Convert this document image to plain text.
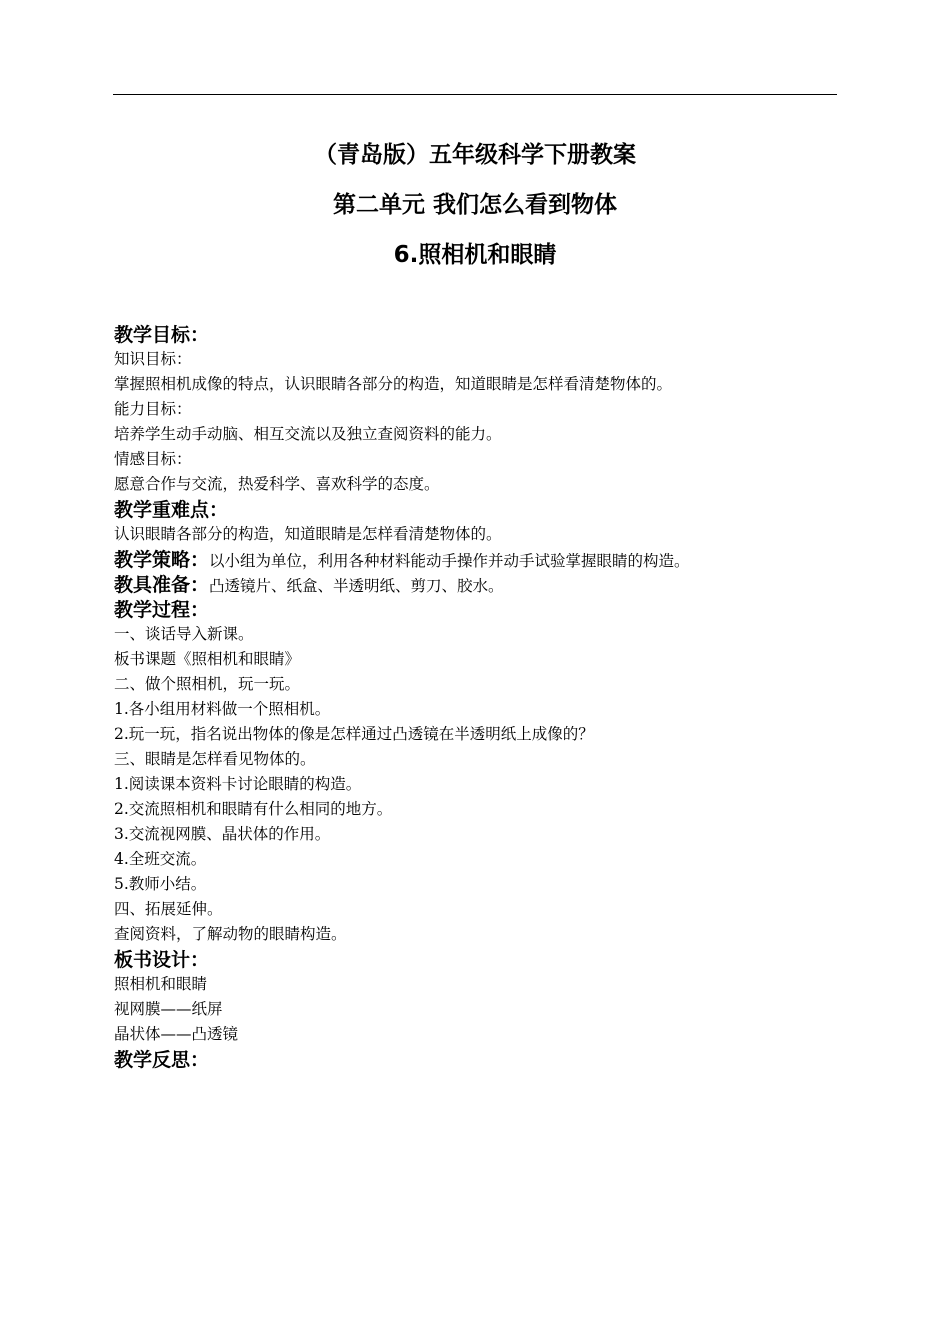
（青岛版）五年级科学下册教案
第二单元 我们怎么看到物体
6.照相机和眼睛
教学目标：
知识目标：
掌握照相机成像的特点，认识眼睛各部分的构造，知道眼睛是怎样看清楚物体的。
能力目标：
培养学生动手动脑、相互交流以及独立查阅资料的能力。
情感目标：
愿意合作与交流，热爱科学、喜欢科学的态度。
教学重难点：
认识眼睛各部分的构造，知道眼睛是怎样看清楚物体的。
教学策略：以小组为单位，利用各种材料能动手操作并动手试验掌握眼睛的构造。
教具准备：凸透镜片、纸盒、半透明纸、剪刀、胶水。
教学过程：
一、谈话导入新课。
板书课题《照相机和眼睛》
二、做个照相机，玩一玩。
1.各小组用材料做一个照相机。
2.玩一玩，指名说出物体的像是怎样通过凸透镜在半透明纸上成像的？
三、眼睛是怎样看见物体的。
1.阅读课本资料卡讨论眼睛的构造。
2.交流照相机和眼睛有什么相同的地方。
3.交流视网膜、晶状体的作用。
4.全班交流。
5.教师小结。
四、拓展延伸。
查阅资料，了解动物的眼睛构造。
板书设计：
照相机和眼睛
视网膜——纸屏
晶状体——凸透镜
教学反思：
